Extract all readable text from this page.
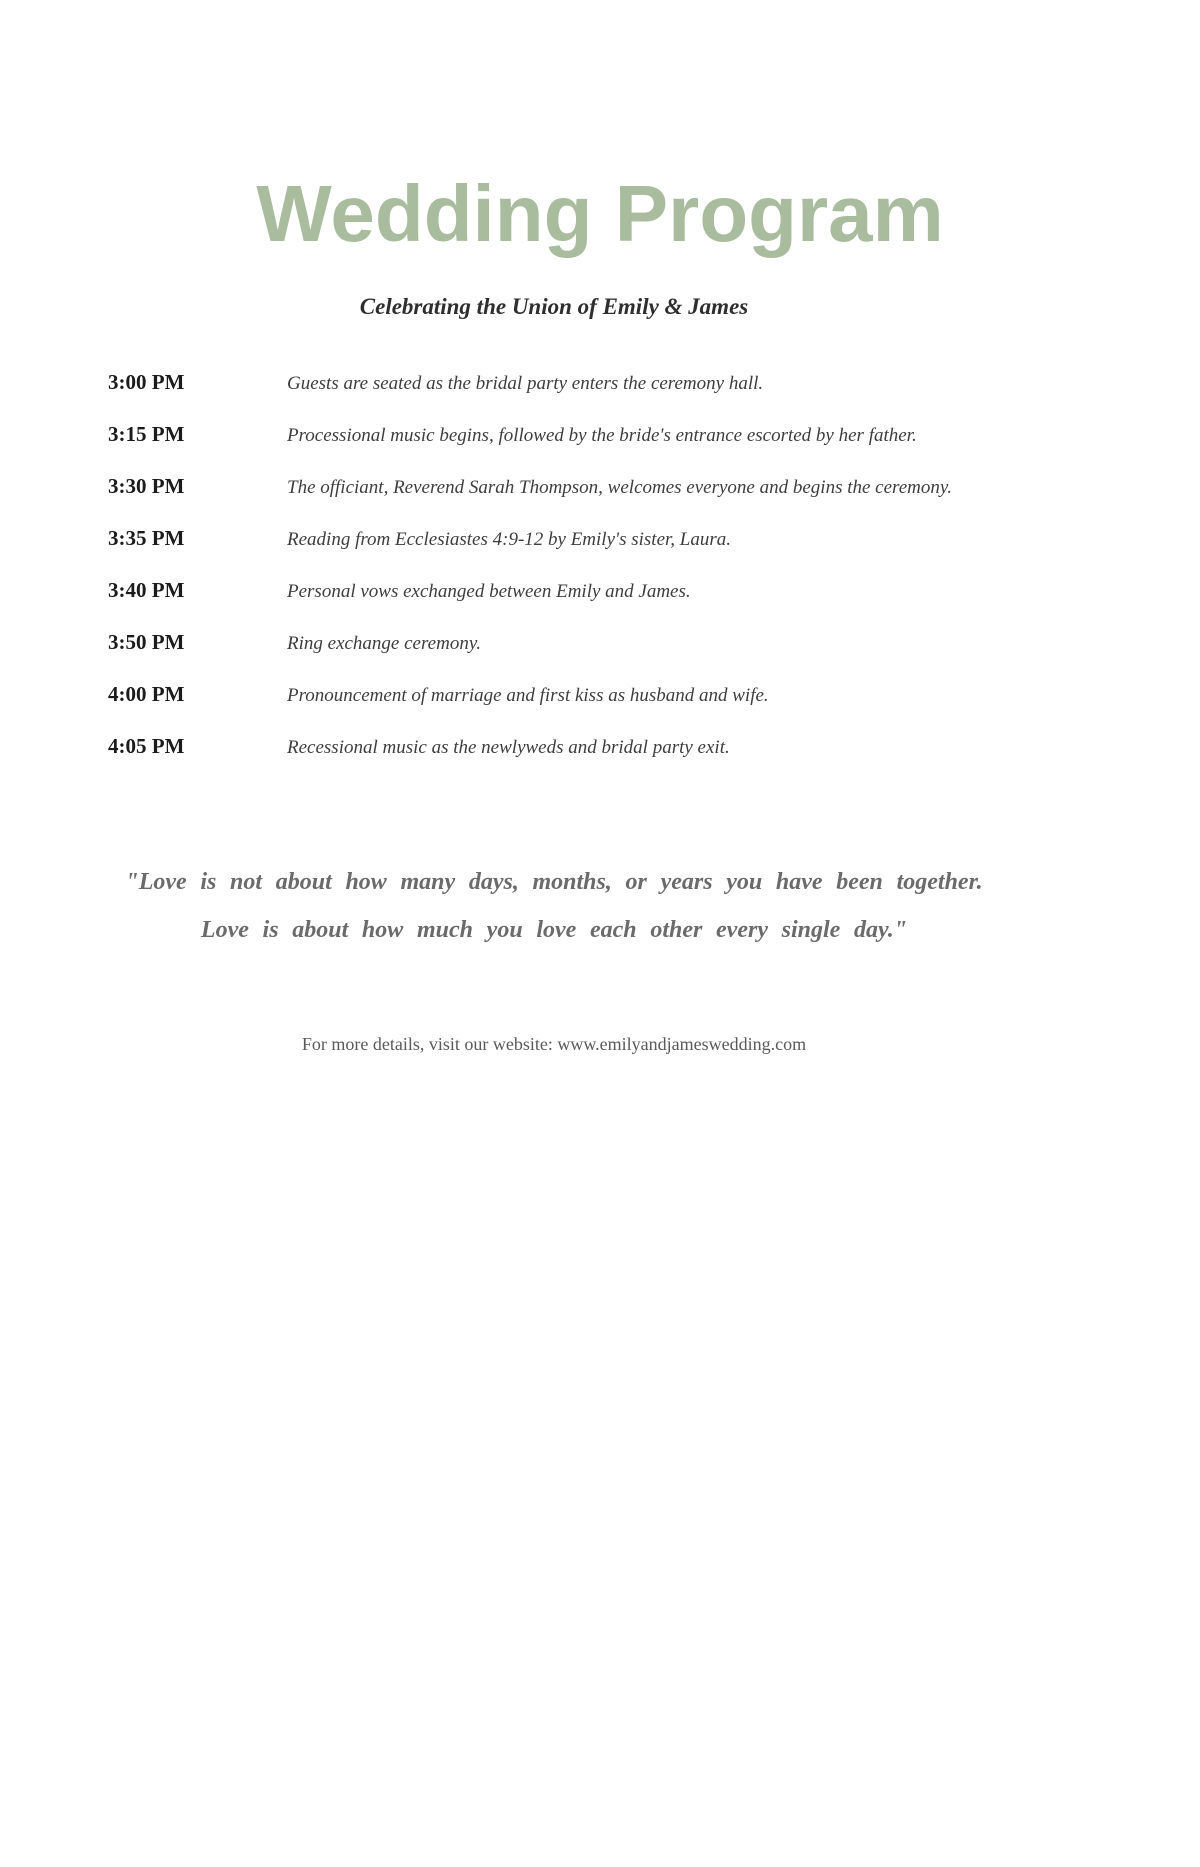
Wedding Program
Celebrating the Union of Emily & James
3:00 PM	Guests are seated as the bridal party enters the ceremony hall.
3:15 PM	Processional music begins, followed by the bride's entrance escorted by her father.
3:30 PM	The officiant, Reverend Sarah Thompson, welcomes everyone and begins the ceremony.
3:35 PM	Reading from Ecclesiastes 4:9-12 by Emily's sister, Laura.
3:40 PM	Personal vows exchanged between Emily and James.
3:50 PM	Ring exchange ceremony.
4:00 PM	Pronouncement of marriage and first kiss as husband and wife.
4:05 PM	Recessional music as the newlyweds and bridal party exit.
"Love is not about how many days, months, or years you have been together. Love is about how much you love each other every single day."
For more details, visit our website: www.emilyandjameswedding.com
